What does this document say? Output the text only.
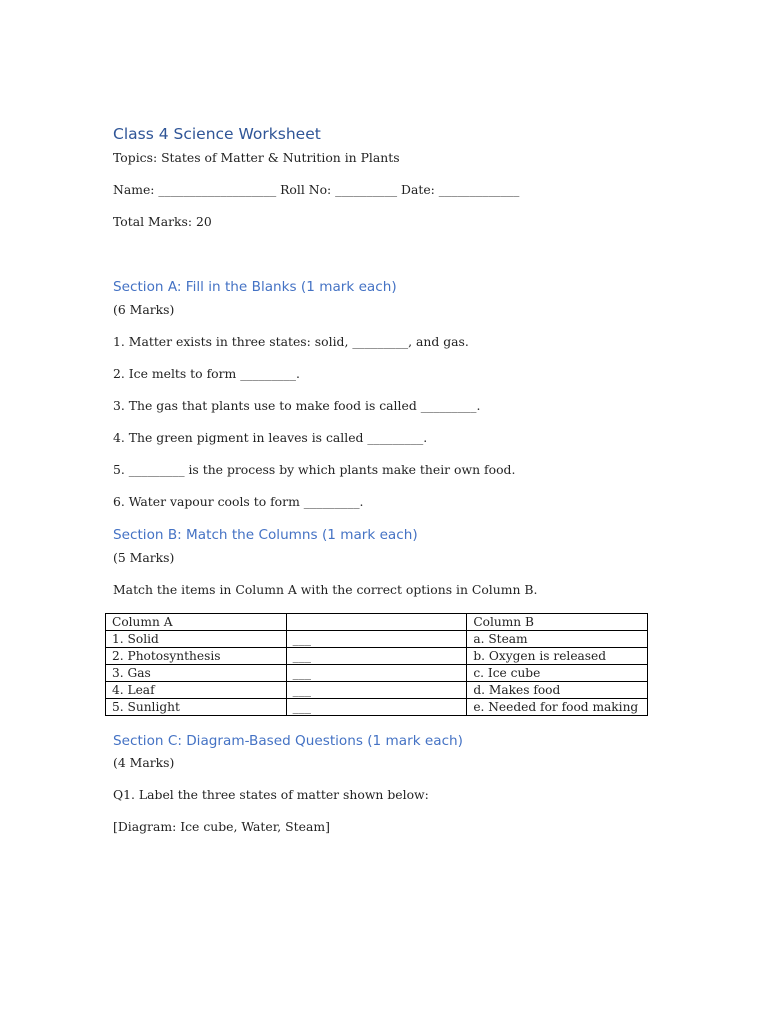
Class 4 Science Worksheet
Topics: States of Matter & Nutrition in Plants
Name: ___________________ Roll No: __________ Date: _____________
Total Marks: 20
Section A: Fill in the Blanks (1 mark each)
(6 Marks)
1. Matter exists in three states: solid, _________, and gas.
2. Ice melts to form _________.
3. The gas that plants use to make food is called _________.
4. The green pigment in leaves is called _________.
5. _________ is the process by which plants make their own food.
6. Water vapour cools to form _________.
Section B: Match the Columns (1 mark each)
(5 Marks)
Match the items in Column A with the correct options in Column B.
Column A		Column B
1. Solid	___	a. Steam
2. Photosynthesis	___	b. Oxygen is released
3. Gas	___	c. Ice cube
4. Leaf	___	d. Makes food
5. Sunlight	___	e. Needed for food making
Section C: Diagram-Based Questions (1 mark each)
(4 Marks)
Q1. Label the three states of matter shown below:
[Diagram: Ice cube, Water, Steam]
